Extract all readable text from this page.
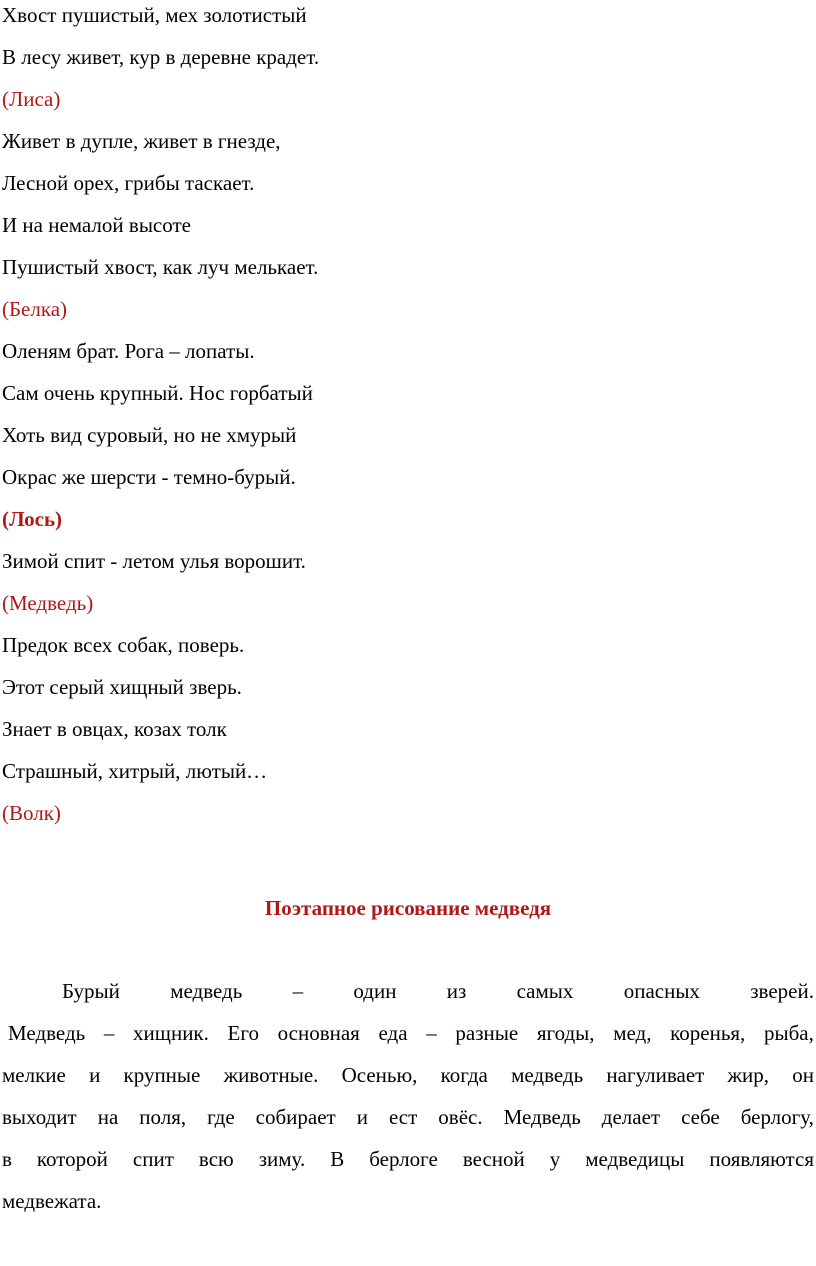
Хвост пушистый, мех золотистый
В лесу живет, кур в деревне крадет.
(Лиса)
Живет в дупле, живет в гнезде,
Лесной орех, грибы таскает.
И на немалой высоте
Пушистый хвост, как луч мелькает.
(Белка)
Оленям брат. Рога – лопаты.
Сам очень крупный. Нос горбатый
Хоть вид суровый, но не хмурый
Окрас же шерсти - темно-бурый.
(Лось)
Зимой спит - летом улья ворошит.
(Медведь)
Предок всех собак, поверь.
Этот серый хищный зверь.
Знает в овцах, козах толк
Страшный, хитрый, лютый…
(Волк)
Поэтапное рисование медведя
Бурый медведь – один из самых опасных зверей.
Медведь – хищник. Его основная еда – разные ягоды, мед, коренья, рыба,
мелкие и крупные животные. Осенью, когда медведь нагуливает жир, он
выходит на поля, где собирает и ест овёс. Медведь делает себе берлогу,
в которой спит всю зиму. В берлоге весной у медведицы появляются
медвежата.
